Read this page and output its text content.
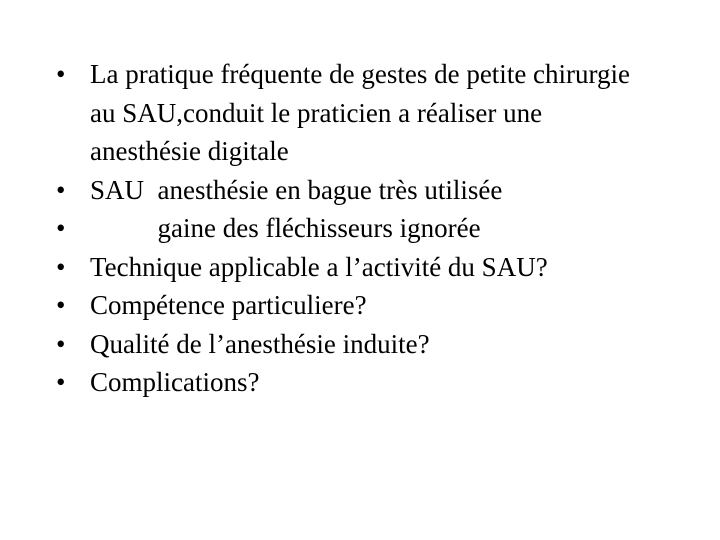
• La pratique fréquente de gestes de petite chirurgie au SAU,conduit le praticien a réaliser une anesthésie digitale
• SAU  anesthésie en bague très utilisée
• gaine des fléchisseurs ignorée
• Technique applicable a l’activité du SAU?
• Compétence particuliere?
• Qualité de l’anesthésie induite?
• Complications?
